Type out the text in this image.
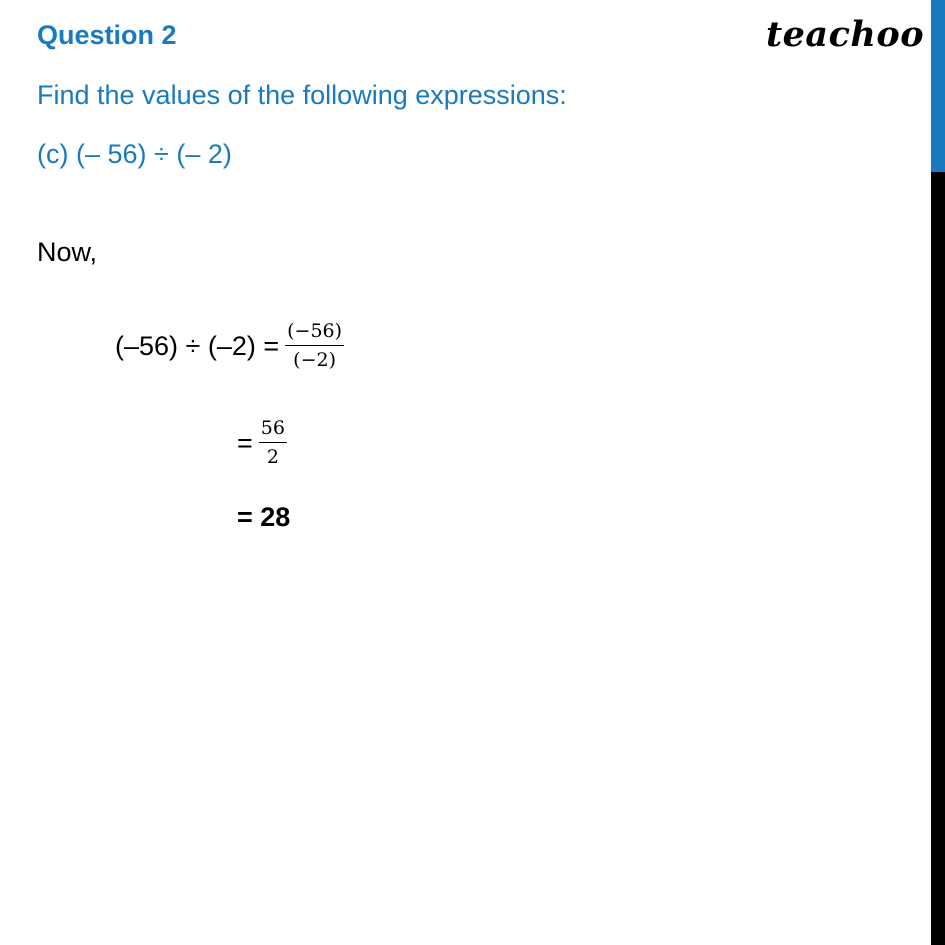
Question 2	teachoo
Find the values of the following expressions:
(c) (– 56) ÷ (– 2)
Now,
$(-56) \div (-2) = \frac{(-56)}{(-2)}$
= $\frac{56}{2}$
= 28
